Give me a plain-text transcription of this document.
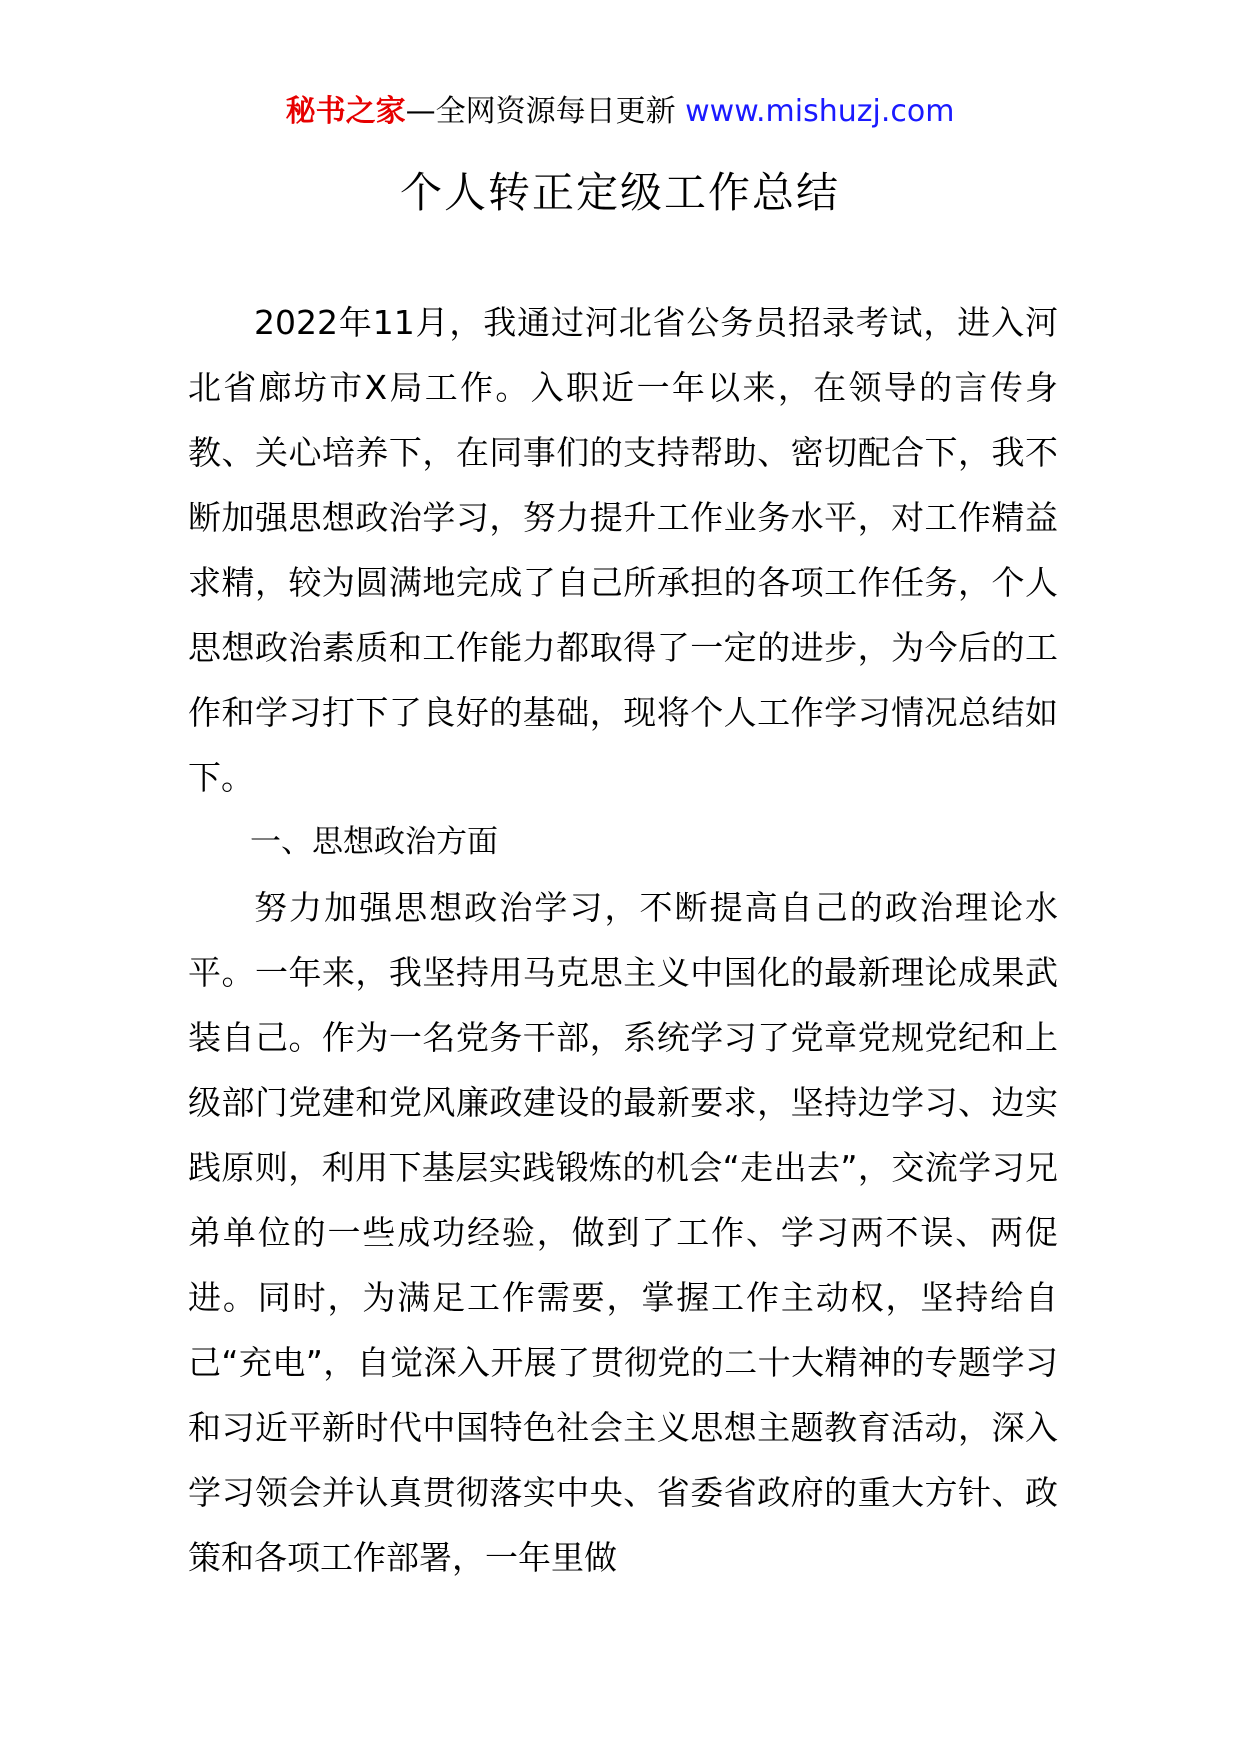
秘书之家—全网资源每日更新 www.mishuzj.com
个人转正定级工作总结

2022年11月，我通过河北省公务员招录考试，进入河北省廊坊市X局工作。入职近一年以来，在领导的言传身教、关心培养下，在同事们的支持帮助、密切配合下，我不断加强思想政治学习，努力提升工作业务水平，对工作精益求精，较为圆满地完成了自己所承担的各项工作任务，个人思想政治素质和工作能力都取得了一定的进步，为今后的工作和学习打下了良好的基础，现将个人工作学习情况总结如下。

一、思想政治方面

努力加强思想政治学习，不断提高自己的政治理论水平。一年来，我坚持用马克思主义中国化的最新理论成果武装自己。作为一名党务干部，系统学习了党章党规党纪和上级部门党建和党风廉政建设的最新要求，坚持边学习、边实践原则，利用下基层实践锻炼的机会“走出去”，交流学习兄弟单位的一些成功经验，做到了工作、学习两不误、两促进。同时，为满足工作需要，掌握工作主动权，坚持给自己“充电”，自觉深入开展了贯彻党的二十大精神的专题学习和习近平新时代中国特色社会主义思想主题教育活动，深入学习领会并认真贯彻落实中央、省委省政府的重大方针、政策和各项工作部署，一年里做
